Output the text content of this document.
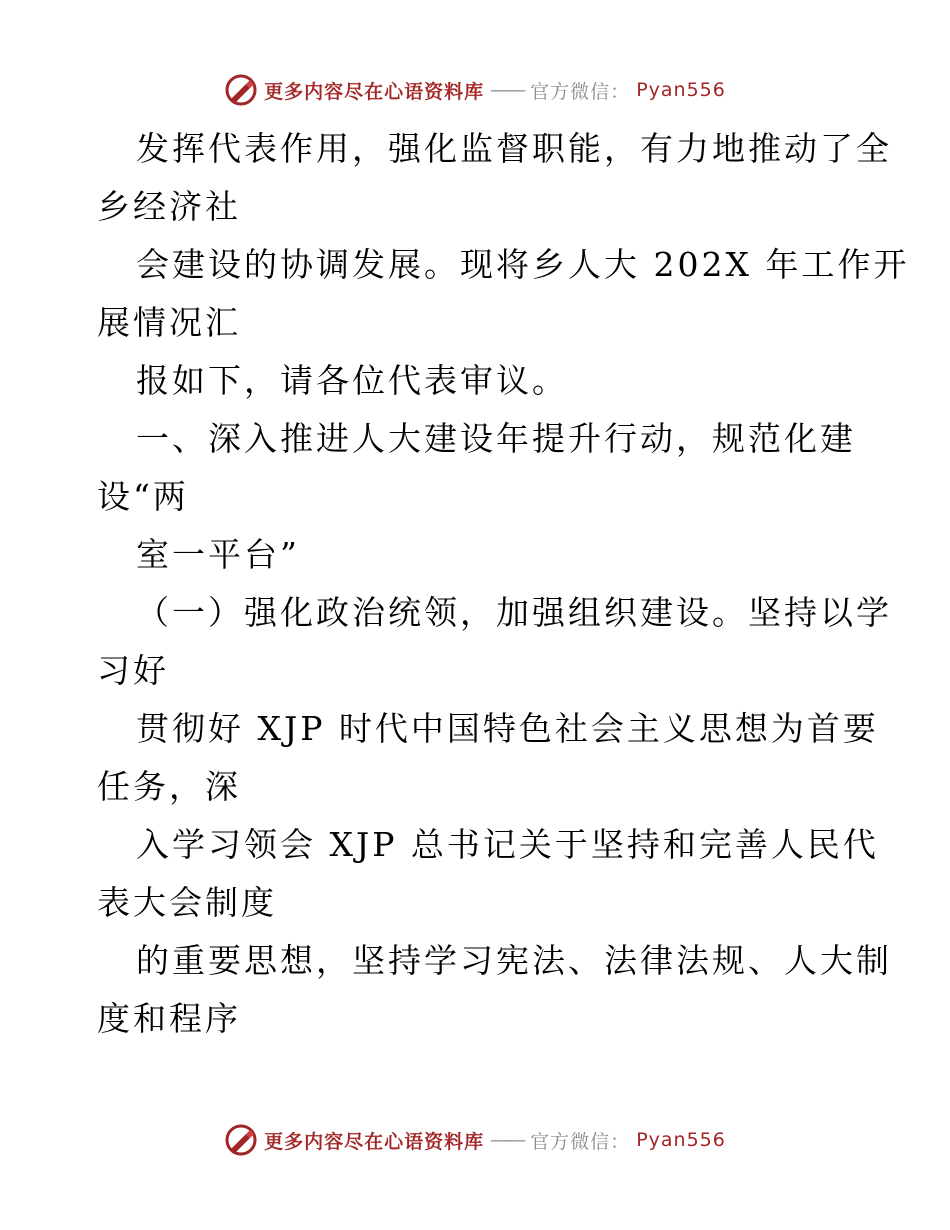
更多内容尽在心语资料库 —— 官方微信： Pyan556
发挥代表作用，强化监督职能，有力地推动了全
乡经济社
会建设的协调发展。现将乡人大 202X 年工作开
展情况汇
报如下，请各位代表审议。
一、深入推进人大建设年提升行动，规范化建
设“两
室一平台”
（一）强化政治统领，加强组织建设。坚持以学
习好
贯彻好 XJP 时代中国特色社会主义思想为首要
任务，深
入学习领会 XJP 总书记关于坚持和完善人民代
表大会制度
的重要思想，坚持学习宪法、法律法规、人大制
度和程序
更多内容尽在心语资料库 —— 官方微信： Pyan556
